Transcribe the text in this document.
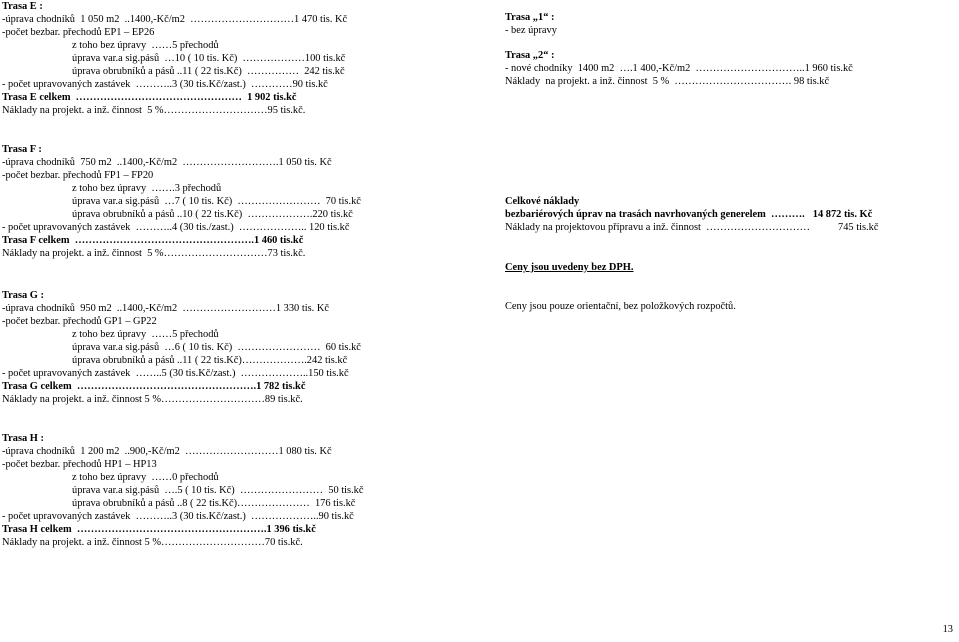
Trasa E :
-úprava chodníků  1 050 m2  ..1400,-Kč/m2  …………………………1 470 tis. Kč
-počet bezbar. přechodů EP1 – EP26
z toho bez úpravy  ……5 přechodů
úprava var.a sig.pásů  …10 ( 10 tis. Kč)  ………………100 tis.kč
úprava obrubníků a pásů ..11 ( 22 tis.Kč)  ……………  242 tis.kč
- počet upravovaných zastávek  ………..3 (30 tis.Kč/zast.)  …………90 tis.kč
Trasa E celkem  …………………………………………  1 902 tis.kč
Náklady na projekt. a inž. činnost  5 %…………………………95 tis.kč.
Trasa „1“ :
- bez úpravy
Trasa „2“ :
- nové chodníky  1400 m2  ….1 400,-Kč/m2  …………………………..1 960 tis.kč
Náklady  na projekt. a inž. činnost  5 %  ……………………………. 98 tis.kč
Trasa F :
-úprava chodníků  750 m2  ..1400,-Kč/m2  ……………………….1 050 tis. Kč
-počet bezbar. přechodů FP1 – FP20
z toho bez úpravy  …….3 přechodů
úprava var.a sig.pásů  …7 ( 10 tis. Kč)  ……………………  70 tis.kč
úprava obrubníků a pásů ..10 ( 22 tis.Kč)  ……………….220 tis.kč
- počet upravovaných zastávek  ………..4 (30 tis./zast.)  ……………….. 120 tis.kč
Trasa F celkem  …………………………………………….1 460 tis.kč
Náklady na projekt. a inž. činnost  5 %…………………………73 tis.kč.
Celkové náklady
bezbariérových úprav na trasách navrhovaných generelem  ………. 14 872 tis. Kč
Náklady na projektovou přípravu a inž. činnost  …………………………	745 tis.kč
Ceny jsou uvedeny bez DPH.
Ceny jsou pouze orientační, bez položkových rozpočtů.
Trasa G :
-úprava chodníků  950 m2  ..1400,-Kč/m2  ………………………1 330 tis. Kč
-počet bezbar. přechodů GP1 – GP22
z toho bez úpravy  ……5 přechodů
úprava var.a sig.pásů  …6 ( 10 tis. Kč)  ……………………  60 tis.kč
úprava obrubníků a pásů ..11 ( 22 tis.Kč)……………….242 tis.kč
- počet upravovaných zastávek  ……..5 (30 tis.Kč/zast.)  ………………..150 tis.kč
Trasa G celkem  …………………………………………….1 782 tis.kč
Náklady na projekt. a inž. činnost 5 %…………………………89 tis.kč.
Trasa H :
-úprava chodníků  1 200 m2  ..900,-Kč/m2  ………………………1 080 tis. Kč
-počet bezbar. přechodů HP1 – HP13
z toho bez úpravy  ……0 přechodů
úprava var.a sig.pásů  ….5 ( 10 tis. Kč)  ……………………  50 tis.kč
úprava obrubníků a pásů ..8 ( 22 tis.Kč)…………………  176 tis.kč
- počet upravovaných zastávek  ………..3 (30 tis.Kč/zast.)  ………………..90 tis.kč
Trasa H celkem  ……………………………………………….1 396 tis.kč
Náklady na projekt. a inž. činnost 5 %…………………………70 tis.kč.
13
